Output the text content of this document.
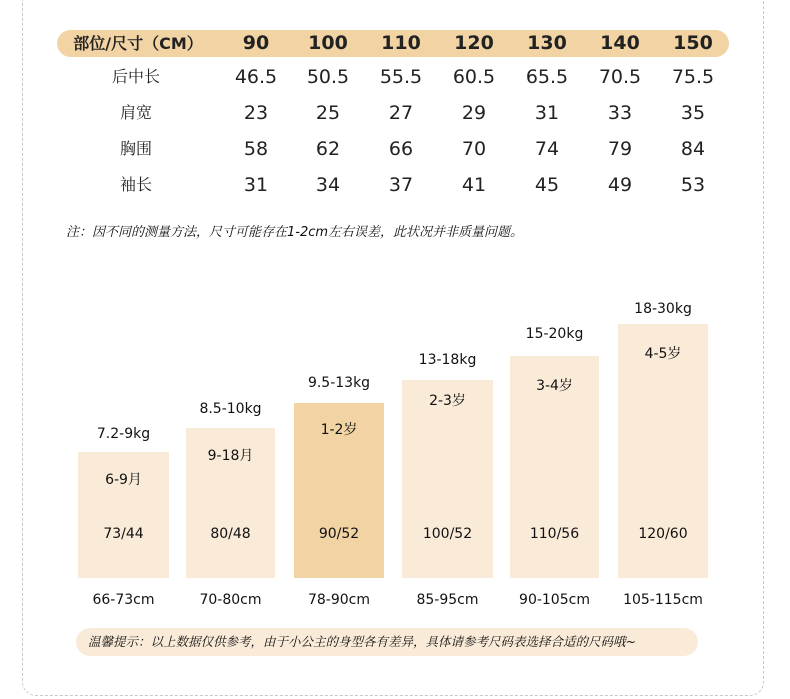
部位/尺寸（CM）	90	100	110	120	130	140	150
后中长	46.5	50.5	55.5	60.5	65.5	70.5	75.5
肩宽	23	25	27	29	31	33	35
胸围	58	62	66	70	74	79	84
袖长	31	34	37	41	45	49	53
注：因不同的测量方法，尺寸可能存在1-2cm左右误差，此状况并非质量问题。
7.2-9kg
6-9月
73/44
66-73cm
8.5-10kg
9-18月
80/48
70-80cm
9.5-13kg
1-2岁
90/52
78-90cm
13-18kg
2-3岁
100/52
85-95cm
15-20kg
3-4岁
110/56
90-105cm
18-30kg
4-5岁
120/60
105-115cm
温馨提示：以上数据仅供参考，由于小公主的身型各有差异，具体请参考尺码表选择合适的尺码哦~
